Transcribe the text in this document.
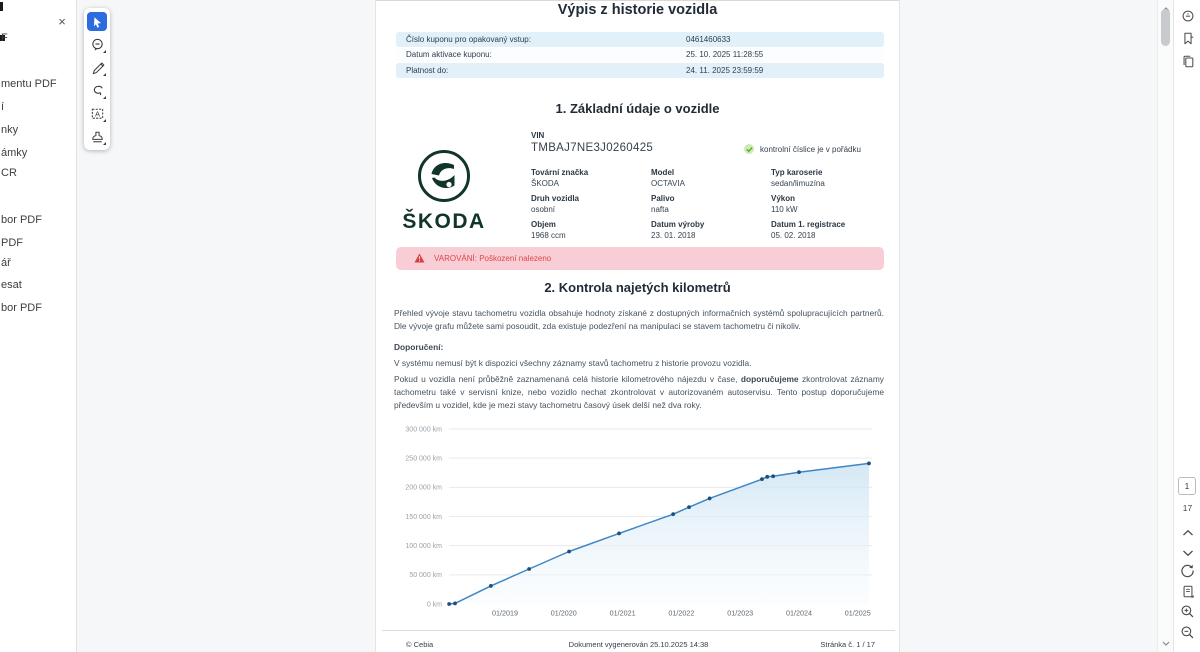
×
F
mentu PDF
í
nky
ámky
CR
bor PDF
PDF
ář
esat
bor PDF
A
Výpis z historie vozidla
Číslo kuponu pro opakovaný vstup:	0461460633
Datum aktivace kuponu:	25. 10. 2025 11:28:55
Platnost do:	24. 11. 2025 23:59:59
1. Základní údaje o vozidle
ŠKODA
VIN
TMBAJ7NE3J0260425	kontrolní číslice je v pořádku
Tovární značka
ŠKODA
Model
OCTAVIA
Typ karoserie
sedan/limuzína
Druh vozidla
osobní
Palivo
nafta
Výkon
110 kW
Objem
1968 ccm
Datum výroby
23. 01. 2018
Datum 1. registrace
05. 02. 2018
VAROVÁNÍ: Poškození nalezeno
2. Kontrola najetých kilometrů

Přehled vývoje stavu tachometru vozidla obsahuje hodnoty získané z dostupných informačních systémů spolupracujících partnerů. Dle vývoje grafu můžete sami posoudit, zda existuje podezření na manipulaci se stavem tachometru či nikoliv.

Doporučení:

V systému nemusí být k dispozici všechny záznamy stavů tachometru z historie provozu vozidla.

Pokud u vozidla není průběžně zaznamenaná celá historie kilometrového nájezdu v čase, doporučujeme zkontrolovat záznamy tachometru také v servisní knize, nebo vozidlo nechat zkontrolovat v autorizovaném autoservisu. Tento postup doporučujeme především u vozidel, kde je mezi stavy tachometru časový úsek delší než dva roky.

0 km
50 000 km
100 000 km
150 000 km
200 000 km
250 000 km
300 000 km
01/2019	01/2020	01/2021	01/2022	01/2023	01/2024	01/2025
© Cebia	Dokument vygenerován 25.10.2025 14:38	Stránka č. 1 / 17
1
17
